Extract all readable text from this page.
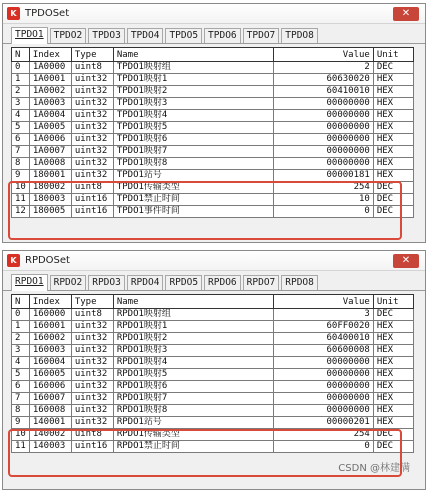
K TPDOSet	✕
TPDO1	TPDO2	TPDO3	TPDO4	TPDO5	TPDO6	TPDO7	TPDO8
N	Index	Type	Name	Value	Unit
0	1A0000	uint8	TPDO1映射组	2	DEC
1	1A0001	uint32	TPDO1映射1	60630020	HEX
2	1A0002	uint32	TPDO1映射2	60410010	HEX
3	1A0003	uint32	TPDO1映射3	00000000	HEX
4	1A0004	uint32	TPDO1映射4	00000000	HEX
5	1A0005	uint32	TPDO1映射5	00000000	HEX
6	1A0006	uint32	TPDO1映射6	00000000	HEX
7	1A0007	uint32	TPDO1映射7	00000000	HEX
8	1A0008	uint32	TPDO1映射8	00000000	HEX
9	180001	uint32	TPDO1站号	00000181	HEX
10	180002	uint8	TPDO1传输类型	254	DEC
11	180003	uint16	TPDO1禁止时间	10	DEC
12	180005	uint16	TPDO1事件时间	0	DEC
K RPDOSet	✕
RPDO1	RPDO2	RPDO3	RPDO4	RPDO5	RPDO6	RPDO7	RPDO8
N	Index	Type	Name	Value	Unit
0	160000	uint8	RPDO1映射组	3	DEC
1	160001	uint32	RPDO1映射1	60FF0020	HEX
2	160002	uint32	RPDO1映射2	60400010	HEX
3	160003	uint32	RPDO1映射3	60600008	HEX
4	160004	uint32	RPDO1映射4	00000000	HEX
5	160005	uint32	RPDO1映射5	00000000	HEX
6	160006	uint32	RPDO1映射6	00000000	HEX
7	160007	uint32	RPDO1映射7	00000000	HEX
8	160008	uint32	RPDO1映射8	00000000	HEX
9	140001	uint32	RPDO1站号	00000201	HEX
10	140002	uint8	RPDO1传输类型	254	DEC
11	140003	uint16	RPDO1禁止时间	0	DEC
CSDN @林建满
